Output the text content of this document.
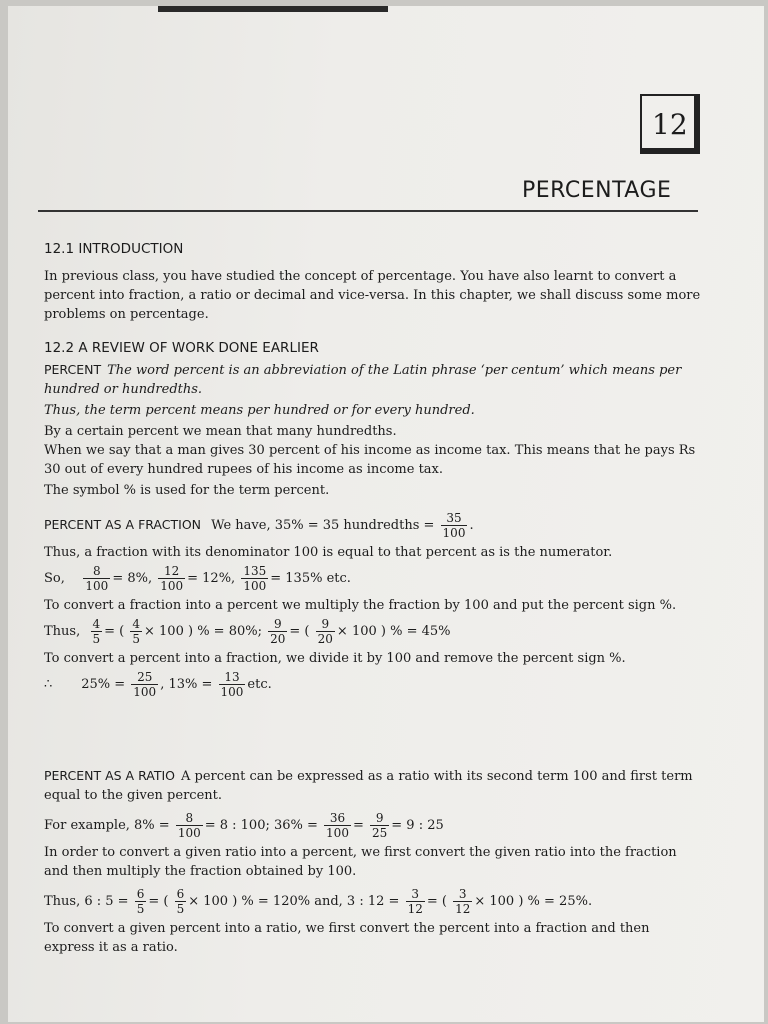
12
PERCENTAGE
12.1 INTRODUCTION

In previous class, you have studied the concept of percentage. You have also learnt to convert a percent into fraction, a ratio or decimal and vice-versa. In this chapter, we shall discuss some more problems on percentage.

12.2 A REVIEW OF WORK DONE EARLIER

PERCENT The word percent is an abbreviation of the Latin phrase ‘per centum’ which means per hundred or hundredths.

Thus, the term percent means per hundred or for every hundred.

By a certain percent we mean that many hundredths.

When we say that a man gives 30 percent of his income as income tax. This means that he pays Rs 30 out of every hundred rupees of his income as income tax.

The symbol % is used for the term percent.

PERCENT AS A FRACTION We have, 35% = 35 hundredths = $\frac{35}{100}$ .

Thus, a fraction with its denominator 100 is equal to that percent as is the numerator.

So, $\frac{8}{100} = 8\%$, $\frac{12}{100} = 12\%$, $\frac{135}{100} = 135\%$ etc.

To convert a fraction into a percent we multiply the fraction by 100 and put the percent sign %.

Thus, $\frac{4}{5}$ = ( $\frac{4}{5} \times 100$ ) % = 80%; $\frac{9}{20}$ = ( $\frac{9}{20} \times 100$ ) % = 45%

To convert a percent into a fraction, we divide it by 100 and remove the percent sign %.

∴ $25\% = \frac{25}{100}$ , $13\% = \frac{13}{100}$ etc.

PERCENT AS A RATIO A percent can be expressed as a ratio with its second term 100 and first term equal to the given percent.

For example, $8\% = \frac{8}{100} = 8$ : 100; $36\% = \frac{36}{100} = \frac{9}{25} = 9$ : 25

In order to convert a given ratio into a percent, we first convert the given ratio into the fraction and then multiply the fraction obtained by 100.

Thus, 6 : $5 = \frac{6}{5}$ = ( $\frac{6}{5} \times 100$ ) % = 120% and, 3 : $12 = \frac{3}{12}$ = ( $\frac{3}{12} \times 100$ ) % = 25%.

To convert a given percent into a ratio, we first convert the percent into a fraction and then express it as a ratio.
